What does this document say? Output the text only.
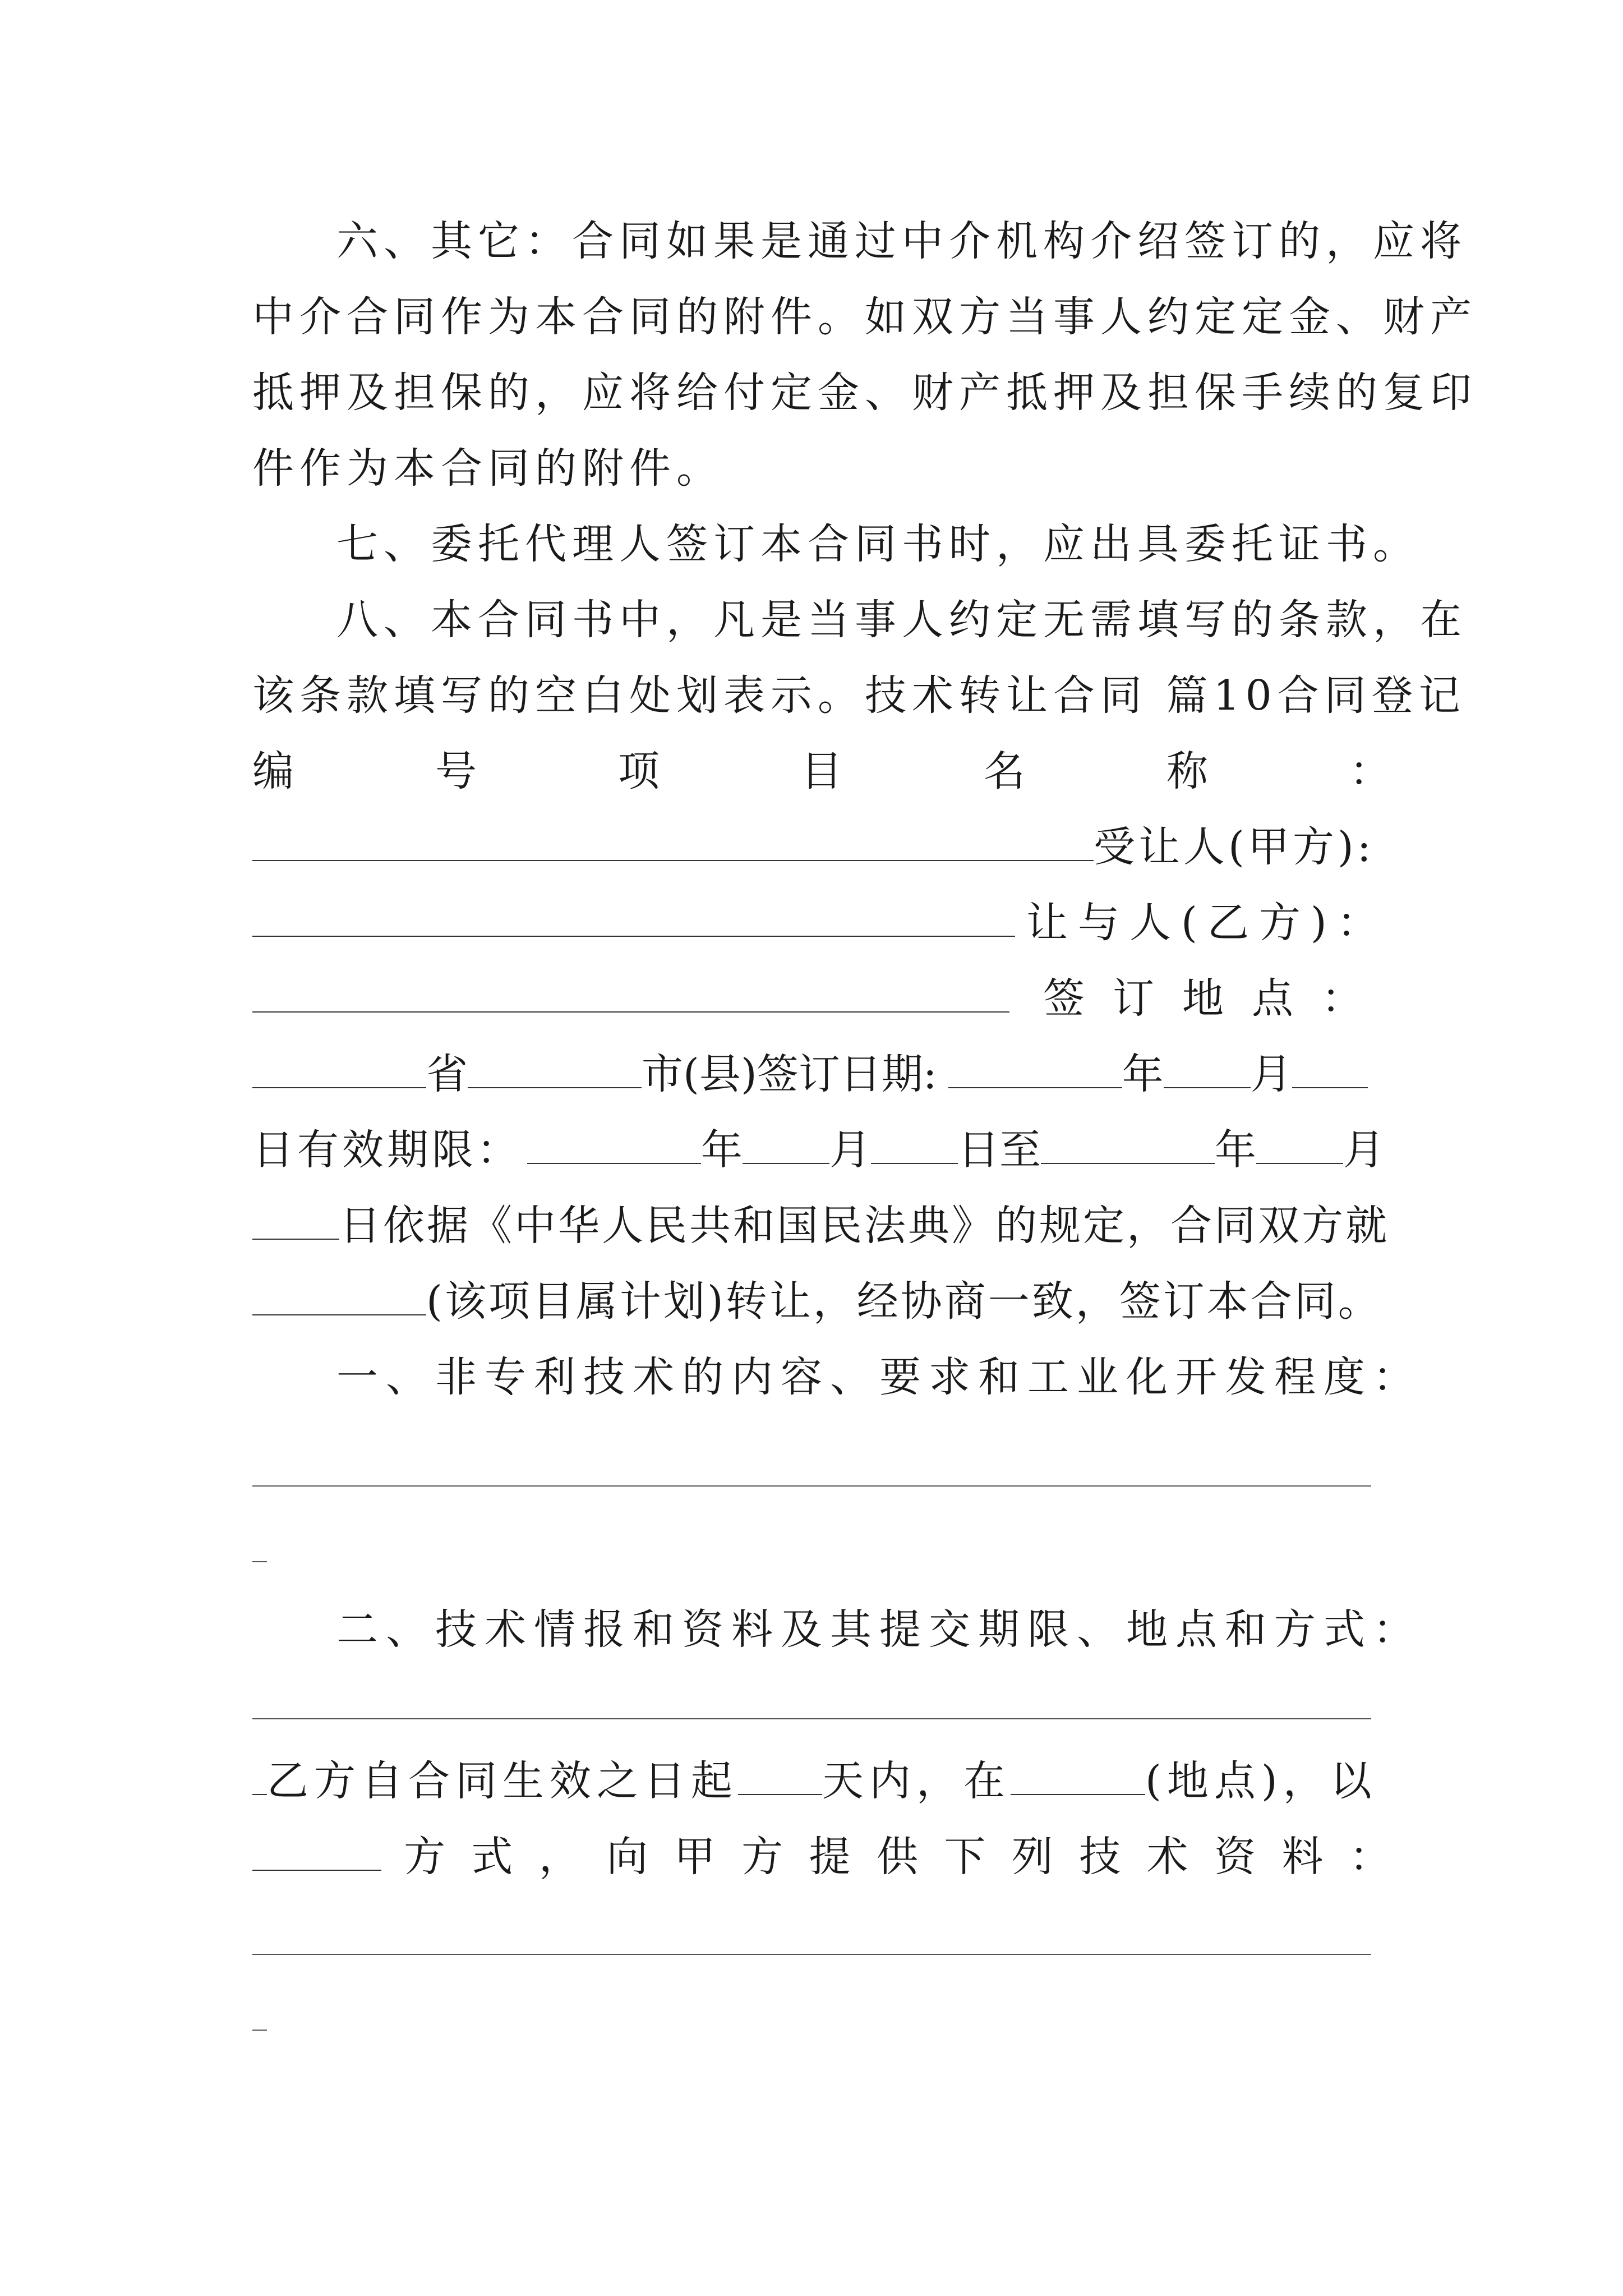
六、其它：合同如果是通过中介机构介绍签订的，应将
中介合同作为本合同的附件。如双方当事人约定定金、财产
抵押及担保的，应将给付定金、财产抵押及担保手续的复印
件作为本合同的附件。
七、委托代理人签订本合同书时，应出具委托证书。
八、本合同书中，凡是当事人约定无需填写的条款，在
该条款填写的空白处划表示。技术转让合同 篇10合同登记
编	号	项	目	名	称	：
受让人(甲方):
让与人(乙方)：
签订地点：
省	市(县)签订日期:	年 月
日有效期限：	年 月 日至	年 月
日依据《中华人民共和国民法典》的规定，合同双方就
(该项目属计划)转让，经协商一致，签订本合同。
一、非专利技术的内容、要求和工业化开发程度：
二、技术情报和资料及其提交期限、地点和方式：
乙方自合同生效之日起 天内，在	(地点)，以
方 式 ， 向 甲 方 提 供 下 列 技 术 资 料 ：
